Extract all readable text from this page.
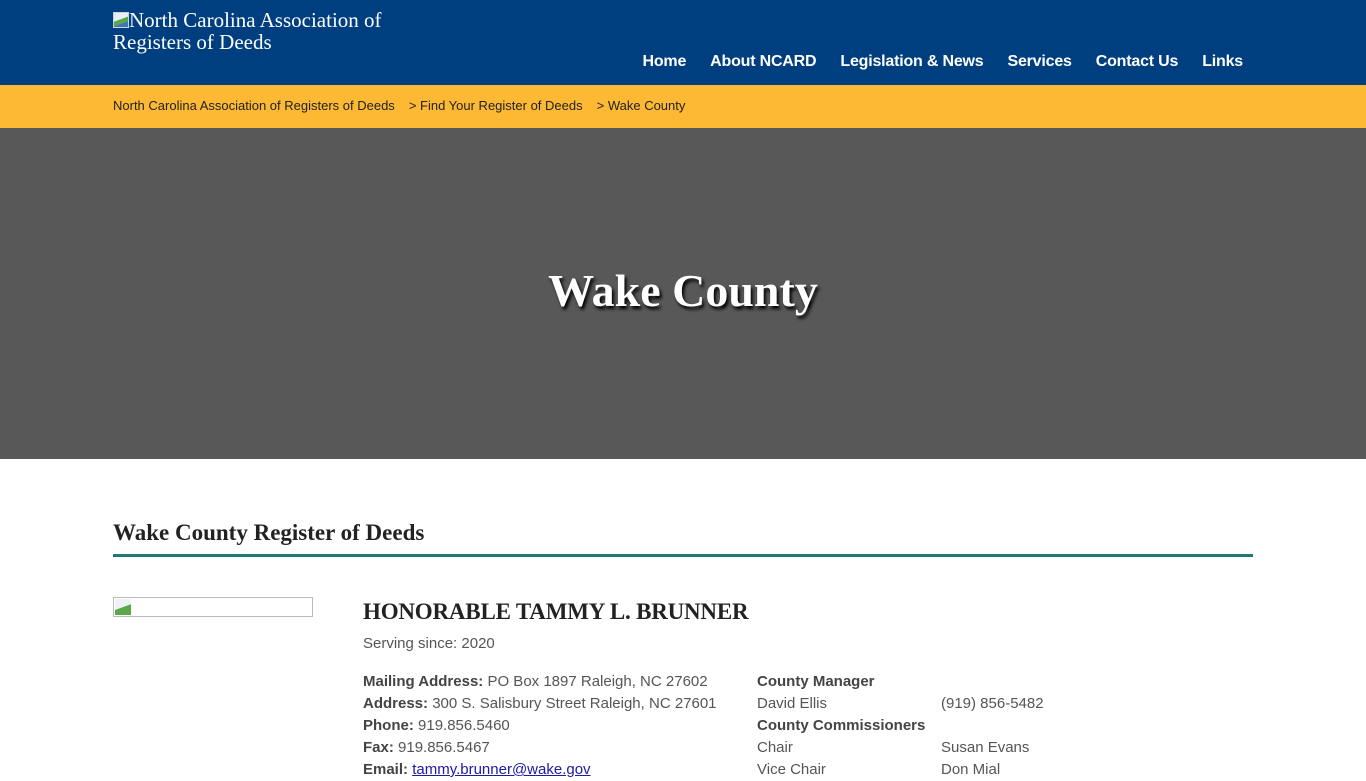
North Carolina Association of Registers of Deeds
Home About NCARD Legislation & News Services Contact Us Links
North Carolina Association of Registers of Deeds > Find Your Register of Deeds > Wake County
Wake County
Wake County Register of Deeds
HONORABLE TAMMY L. BRUNNER
Serving since: 2020
Mailing Address: PO Box 1897 Raleigh, NC 27602
Address: 300 S. Salisbury Street Raleigh, NC 27601
Phone: 919.856.5460
Fax: 919.856.5467
Email: tammy.brunner@wake.gov
County Manager
David Ellis	(919) 856-5482
County Commissioners
Chair	Susan Evans
Vice Chair	Don Mial
